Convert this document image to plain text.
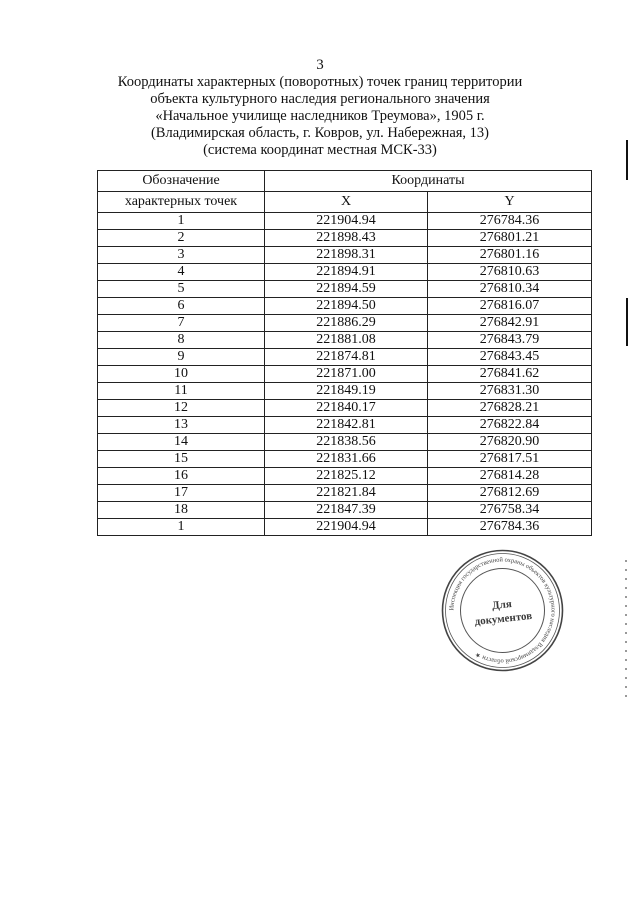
3
Координаты характерных (поворотных) точек границ территории
объекта культурного наследия регионального значения
«Начальное училище наследников Треумова», 1905 г.
(Владимирская область, г. Ковров, ул. Набережная, 13)
(система координат местная МСК-33)
Обозначение	Координаты	
характерных точек	X	Y
1	221904.94	276784.36
2	221898.43	276801.21
3	221898.31	276801.16
4	221894.91	276810.63
5	221894.59	276810.34
6	221894.50	276816.07
7	221886.29	276842.91
8	221881.08	276843.79
9	221874.81	276843.45
10	221871.00	276841.62
11	221849.19	276831.30
12	221840.17	276828.21
13	221842.81	276822.84
14	221838.56	276820.90
15	221831.66	276817.51
16	221825.12	276814.28
17	221821.84	276812.69
18	221847.39	276758.34
1	221904.94	276784.36
Инспекция государственной охраны объектов культурного наследия Владимирской области ★
Для
документов
